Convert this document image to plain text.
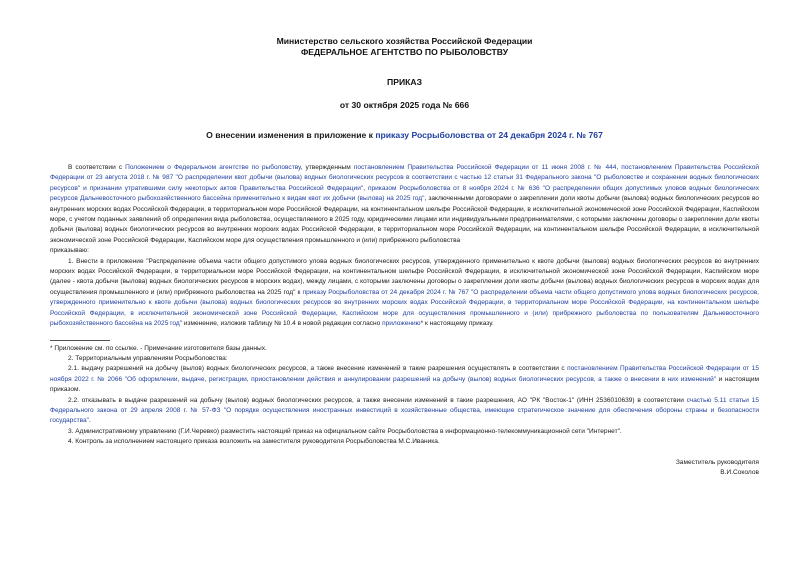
Министерство сельского хозяйства Российской Федерации
ФЕДЕРАЛЬНОЕ АГЕНТСТВО ПО РЫБОЛОВСТВУ
ПРИКАЗ
от 30 октября 2025 года № 666
О внесении изменения в приложение к приказу Росрыболовства от 24 декабря 2024 г. № 767

В соответствии с Положением о Федеральном агентстве по рыболовству, утвержденным постановлением Правительства Российской Федерации от 11 июня 2008 г. № 444, постановлением Правительства Российской Федерации от 23 августа 2018 г. № 987 "О распределении квот добычи (вылова) водных биологических ресурсов в соответствии с частью 12 статьи 31 Федерального закона "О рыболовстве и сохранении водных биологических ресурсов" и признании утратившими силу некоторых актов Правительства Российской Федерации", приказом Росрыболовства от 8 ноября 2024 г. № 636 "О распределении общих допустимых уловов водных биологических ресурсов Дальневосточного рыбохозяйственного бассейна применительно к видам квот их добычи (вылова) на 2025 год", заключенными договорами о закреплении доли квоты добычи (вылова) водных биологических ресурсов во внутренних морских водах Российской Федерации, в территориальном море Российской Федерации, на континентальном шельфе Российской Федерации, в исключительной экономической зоне Российской Федерации, Каспийском море, с учетом поданных заявлений об определении вида рыболовства, осуществляемого в 2025 году, юридическими лицами или индивидуальными предпринимателями, с которыми заключены договоры о закреплении доли квоты добычи (вылова) водных биологических ресурсов во внутренних морских водах Российской Федерации, в территориальном море Российской Федерации, на континентальном шельфе Российской Федерации, в исключительной экономической зоне Российской Федерации, Каспийском море для осуществления промышленного и (или) прибрежного рыболовства

приказываю:

1. Внести в приложение "Распределение объема части общего допустимого улова водных биологических ресурсов, утвержденного применительно к квоте добычи (вылова) водных биологических ресурсов во внутренних морских водах Российской Федерации, в территориальном море Российской Федерации, на континентальном шельфе Российской Федерации, в исключительной экономической зоне Российской Федерации, Каспийском море (далее - квота добычи (вылова) водных биологических ресурсов в морских водах), между лицами, с которыми заключены договоры о закреплении доли квоты добычи (вылова) водных биологических ресурсов в морских водах для осуществления промышленного и (или) прибрежного рыболовства на 2025 год" к приказу Росрыболовства от 24 декабря 2024 г. № 767 "О распределении объема части общего допустимого улова водных биологических ресурсов, утвержденного применительно к квоте добычи (вылова) водных биологических ресурсов во внутренних морских водах Российской Федерации, в территориальном море Российской Федерации, на континентальном шельфе Российской Федерации, в исключительной экономической зоне Российской Федерации, Каспийском море для осуществления промышленного и (или) прибрежного рыболовства по пользователям Дальневосточного рыбохозяйственного бассейна на 2025 год" изменение, изложив таблицу № 10.4 в новой редакции согласно приложению* к настоящему приказу.

* Приложение см. по ссылке. - Примечание изготовителя базы данных.

2. Территориальным управлениям Росрыболовства:

2.1. выдачу разрешений на добычу (вылов) водных биологических ресурсов, а также внесение изменений в такие разрешения осуществлять в соответствии с постановлением Правительства Российской Федерации от 15 ноября 2022 г. № 2066 "Об оформлении, выдаче, регистрации, приостановлении действия и аннулировании разрешений на добычу (вылов) водных биологических ресурсов, а также о внесении в них изменений" и настоящим приказом.

2.2. отказывать в выдаче разрешений на добычу (вылов) водных биологических ресурсов, а также внесении изменений в такие разрешения, АО "РК "Восток-1" (ИНН 2536010639) в соответствии счастью 5.11 статьи 15 Федерального закона от 29 апреля 2008 г. № 57-ФЗ "О порядке осуществления иностранных инвестиций в хозяйственные общества, имеющие стратегическое значение для обеспечения обороны страны и безопасности государства".

3. Административному управлению (Г.И.Черевко) разместить настоящий приказ на официальном сайте Росрыболовства в информационно-телекоммуникационной сети "Интернет".

4. Контроль за исполнением настоящего приказа возложить на заместителя руководителя Росрыболовства М.С.Иваника.

Заместитель руководителя
В.И.Соколов
